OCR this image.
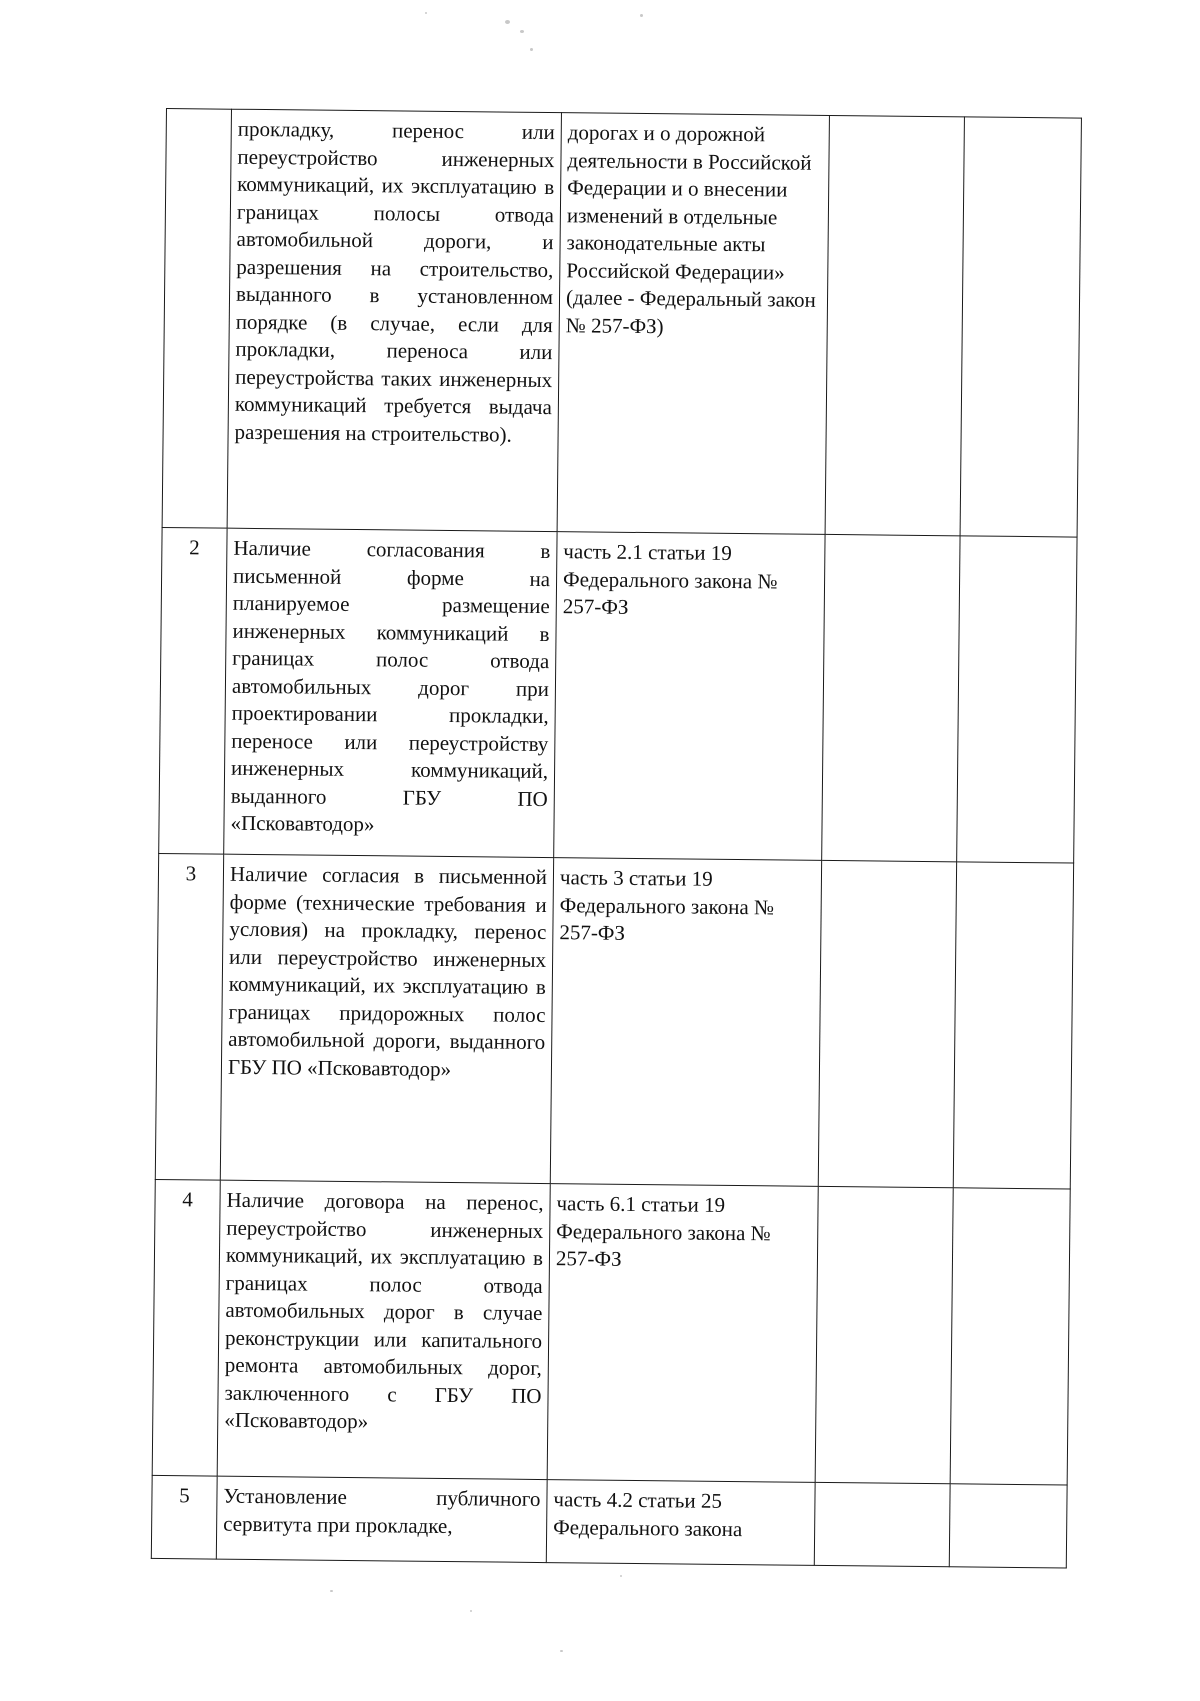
	прокладку, перенос или переустройство инженерных коммуникаций, их эксплуатацию в границах полосы отвода автомобильной дороги, и разрешения на строительство, выданного в установленном порядке (в случае, если для прокладки, переноса или переустройства таких инженерных коммуникаций требуется выдача разрешения на строительство).	дорогах и о дорожной деятельности в Российской Федерации и о внесении изменений в отдельные законодательные акты Российской Федерации» (далее - Федеральный закон № 257-ФЗ)		
2	Наличие согласования в письменной форме на планируемое размещение инженерных коммуникаций в границах полос отвода автомобильных дорог при проектировании прокладки, переносе или переустройству инженерных коммуникаций, выданного ГБУ ПО «Псковавтодор»	часть 2.1 статьи 19 Федерального закона № 257-ФЗ		
3	Наличие согласия в письменной форме (технические требования и условия) на прокладку, перенос или переустройство инженерных коммуникаций, их эксплуатацию в границах придорожных полос автомобильной дороги, выданного ГБУ ПО «Псковавтодор»	часть 3 статьи 19 Федерального закона № 257-ФЗ		
4	Наличие договора на перенос, переустройство инженерных коммуникаций, их эксплуатацию в границах полос отвода автомобильных дорог в случае реконструкции или капитального ремонта автомобильных дорог, заключенного с ГБУ ПО «Псковавтодор»	часть 6.1 статьи 19 Федерального закона № 257-ФЗ		
5	Установление публичного сервитута при прокладке,	часть 4.2 статьи 25 Федерального закона		
